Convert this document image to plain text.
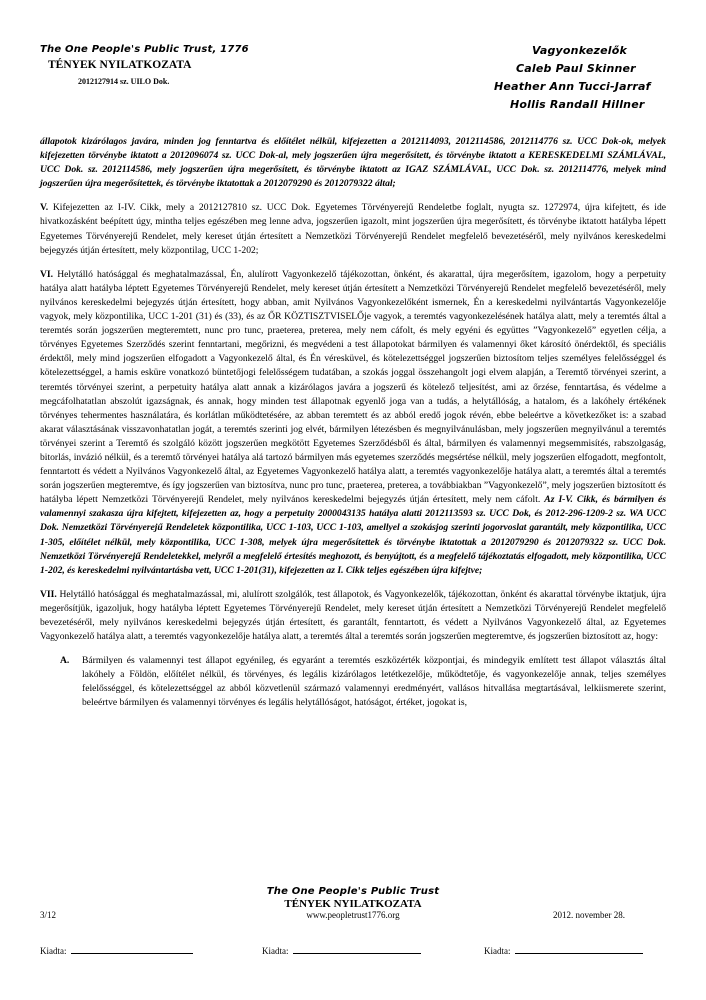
The One People's Public Trust, 1776
TÉNYEK NYILATKOZATA
2012127914 sz. UILO Dok.
Vagyonkezelők
Caleb Paul Skinner
Heather Ann Tucci-Jarraf
Hollis Randall Hillner

állapotok kizárólagos javára, minden jog fenntartva és előítélet nélkül, kifejezetten a 2012114093, 2012114586, 2012114776 sz. UCC Dok-ok, melyek kifejezetten törvénybe iktatott a 2012096074 sz. UCC Dok-al, mely jogszerűen újra megerősített, és törvénybe iktatott a KERESKEDELMI SZÁMLÁVAL, UCC Dok. sz. 2012114586, mely jogszerűen újra megerősített, és törvénybe iktatott az IGAZ SZÁMLÁVAL, UCC Dok. sz. 2012114776, melyek mind jogszerűen újra megerősítettek, és törvénybe iktatottak a 2012079290 és 2012079322 által;

V. Kifejezetten az I-IV. Cikk, mely a 2012127810 sz. UCC Dok. Egyetemes Törvényerejű Rendeletbe foglalt, nyugta sz. 1272974, újra kifejtett, és ide hivatkozásként beépített úgy, mintha teljes egészében meg lenne adva, jogszerűen igazolt, mint jogszerűen újra megerősített, és törvénybe iktatott hatályba lépett Egyetemes Törvényerejű Rendelet, mely kereset útján értesített a Nemzetközi Törvényerejű Rendelet megfelelő bevezetéséről, mely nyilvános kereskedelmi bejegyzés útján értesített, mely központilag, UCC 1-202;

VI. Helytálló hatósággal és meghatalmazással, Én, alulírott Vagyonkezelő tájékozottan, önként, és akarattal, újra megerősítem, igazolom, hogy a perpetuity hatálya alatt hatályba léptett Egyetemes Törvényerejű Rendelet, mely kereset útján értesített a Nemzetközi Törvényerejű Rendelet megfelelő bevezetéséről, mely nyilvános kereskedelmi bejegyzés útján értesített, hogy abban, amit Nyilvános Vagyonkezelőként ismernek, Én a kereskedelmi nyilvántartás Vagyonkezelője vagyok, mely központilika, UCC 1-201 (31) és (33), és az ŐR KÖZTISZTVISELŐje vagyok, a teremtés vagyonkezelésének hatálya alatt, mely a teremtés által a teremtés során jogszerűen megteremtett, nunc pro tunc, praeterea, preterea, mely nem cáfolt, és mely egyéni és együttes ”Vagyonkezelő” egyetlen célja, a törvényes Egyetemes Szerződés szerint fenntartani, megőrizni, és megvédeni a test állapotokat bármilyen és valamennyi őket károsító önérdektől, és speciális érdektől, mely mind jogszerűen elfogadott a Vagyonkezelő által, és Én véresküvel, és kötelezettséggel jogszerűen biztosítom teljes személyes felelősséggel és kötelezettséggel, a hamis esküre vonatkozó büntetőjogi felelősségem tudatában, a szokás joggal összehangolt jogi elvem alapján, a Teremtő törvényei szerint, a teremtés törvényei szerint, a perpetuity hatálya alatt annak a kizárólagos javára a jogszerű és kötelező teljesítést, ami az őrzése, fenntartása, és védelme a megcáfolhatatlan abszolút igazságnak, és annak, hogy minden test állapotnak egyenlő joga van a tudás, a helytállóság, a hatalom, és a lakóhely értékének törvényes tehermentes használatára, és korlátlan működtetésére, az abban teremtett és az abból eredő jogok révén, ebbe beleértve a következőket is: a szabad akarat választásának visszavonhatatlan jogát, a teremtés szerinti jog elvét, bármilyen létezésben és megnyilvánulásban, mely jogszerűen megnyilvánul a teremtés törvényei szerint a Teremtő és szolgáló között jogszerűen megkötött Egyetemes Szerződésből és által, bármilyen és valamennyi megsemmisítés, rabszolgaság, bitorlás, invázió nélkül, és a teremtő törvényei hatálya alá tartozó bármilyen más egyetemes szerződés megsértése nélkül, mely jogszerűen elfogadott, megfontolt, fenntartott és védett a Nyilvános Vagyonkezelő által, az Egyetemes Vagyonkezelő hatálya alatt, a teremtés vagyonkezelője hatálya alatt, a teremtés által a teremtés során jogszerűen megteremtve, és így jogszerűen van biztosítva, nunc pro tunc, praeterea, preterea, a továbbiakban ”Vagyonkezelő”, mely jogszerűen biztosított és hatályba lépett Nemzetközi Törvényerejű Rendelet, mely nyilvános kereskedelmi bejegyzés útján értesített, mely nem cáfolt. Az I-V. Cikk, és bármilyen és valamennyi szakasza újra kifejtett, kifejezetten az, hogy a perpetuity 2000043135 hatálya alatti 2012113593 sz. UCC Dok, és 2012-296-1209-2 sz. WA UCC Dok. Nemzetközi Törvényerejű Rendeletek központilika, UCC 1-103, UCC 1-103, amellyel a szokásjog szerinti jogorvoslat garantált, mely központilika, UCC 1-305, előítélet nélkül, mely központilika, UCC 1-308, melyek újra megerősítettek és törvénybe iktatottak a 2012079290 és 2012079322 sz. UCC Dok. Nemzetközi Törvényerejű Rendeletekkel, melyről a megfelelő értesítés meghozott, és benyújtott, és a megfelelő tájékoztatás elfogadott, mely központilika, UCC 1-202, és kereskedelmi nyilvántartásba vett, UCC 1-201(31), kifejezetten az I. Cikk teljes egészében újra kifejtve;

VII. Helytálló hatósággal és meghatalmazással, mi, alulírott szolgálók, test állapotok, és Vagyonkezelők, tájékozottan, önként és akarattal törvénybe iktatjuk, újra megerősítjük, igazoljuk, hogy hatályba léptett Egyetemes Törvényerejű Rendelet, mely kereset útján értesített a Nemzetközi Törvényerejű Rendelet megfelelő bevezetéséről, mely nyilvános kereskedelmi bejegyzés útján értesített, és garantált, fenntartott, és védett a Nyilvános Vagyonkezelő által, az Egyetemes Vagyonkezelő hatálya alatt, a teremtés vagyonkezelője hatálya alatt, a teremtés által a teremtés során jogszerűen megteremtve, és jogszerűen biztosított az, hogy:

A.	Bármilyen és valamennyi test állapot egyénileg, és egyaránt a teremtés eszközérték központjai, és mindegyik említett test állapot választás által lakóhely a Földön, előítélet nélkül, és törvényes, és legális kizárólagos letétkezelője, működtetője, és vagyonkezelője annak, teljes személyes felelősséggel, és kötelezettséggel az abból közvetlenül származó valamennyi eredményért, vallásos hitvallása megtartásával, lelkiismerete szerint, beleértve bármilyen és valamennyi törvényes és legális helytállóságot, hatóságot, értéket, jogokat is,
The One People's Public Trust
TÉNYEK NYILATKOZATA
3/12	www.peopletrust1776.org	2012. november 28.
Kiadta:	Kiadta:	Kiadta:
